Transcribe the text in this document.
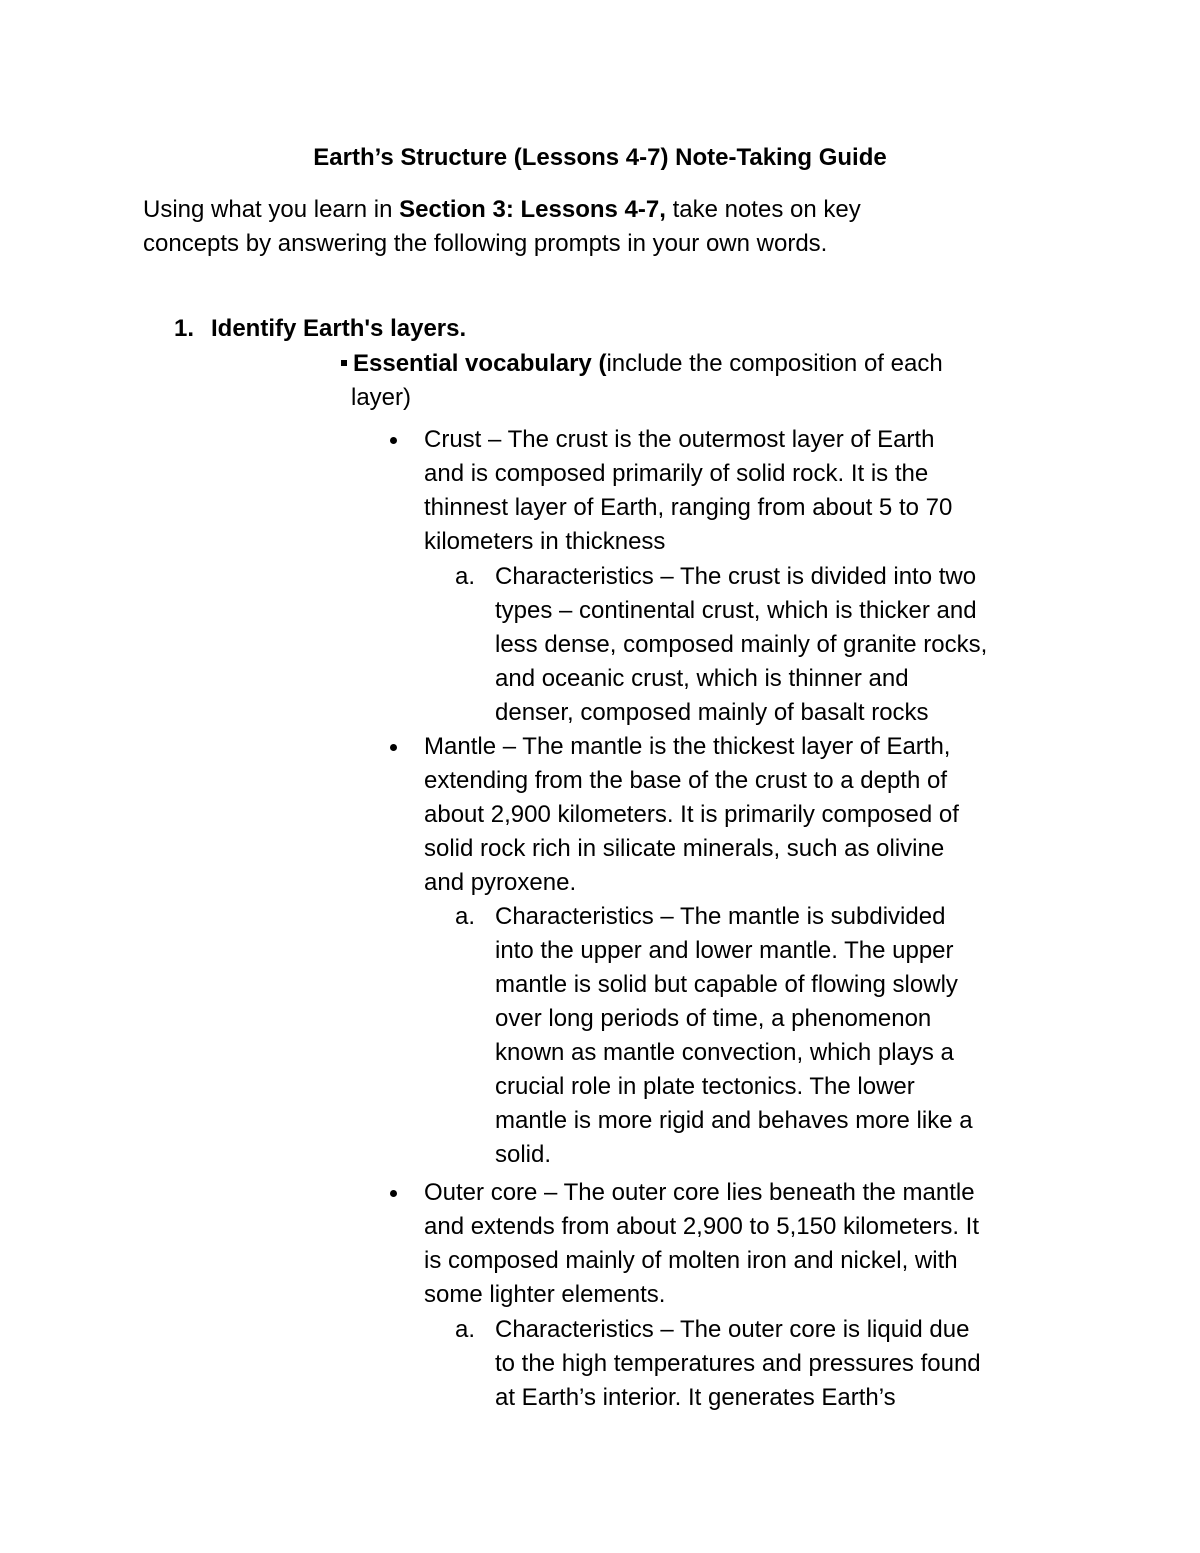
Earth’s Structure (Lessons 4-7) Note-Taking Guide
Using what you learn in Section 3: Lessons 4-7, take notes on key
concepts by answering the following prompts in your own words.
1. Identify Earth's layers.
Essential vocabulary (include the composition of each
layer)
Crust – The crust is the outermost layer of Earth
and is composed primarily of solid rock. It is the
thinnest layer of Earth, ranging from about 5 to 70
kilometers in thickness
a. Characteristics – The crust is divided into two
types – continental crust, which is thicker and
less dense, composed mainly of granite rocks,
and oceanic crust, which is thinner and
denser, composed mainly of basalt rocks
Mantle – The mantle is the thickest layer of Earth,
extending from the base of the crust to a depth of
about 2,900 kilometers. It is primarily composed of
solid rock rich in silicate minerals, such as olivine
and pyroxene.
a. Characteristics – The mantle is subdivided
into the upper and lower mantle. The upper
mantle is solid but capable of flowing slowly
over long periods of time, a phenomenon
known as mantle convection, which plays a
crucial role in plate tectonics. The lower
mantle is more rigid and behaves more like a
solid.
Outer core – The outer core lies beneath the mantle
and extends from about 2,900 to 5,150 kilometers. It
is composed mainly of molten iron and nickel, with
some lighter elements.
a. Characteristics – The outer core is liquid due
to the high temperatures and pressures found
at Earth’s interior. It generates Earth’s
